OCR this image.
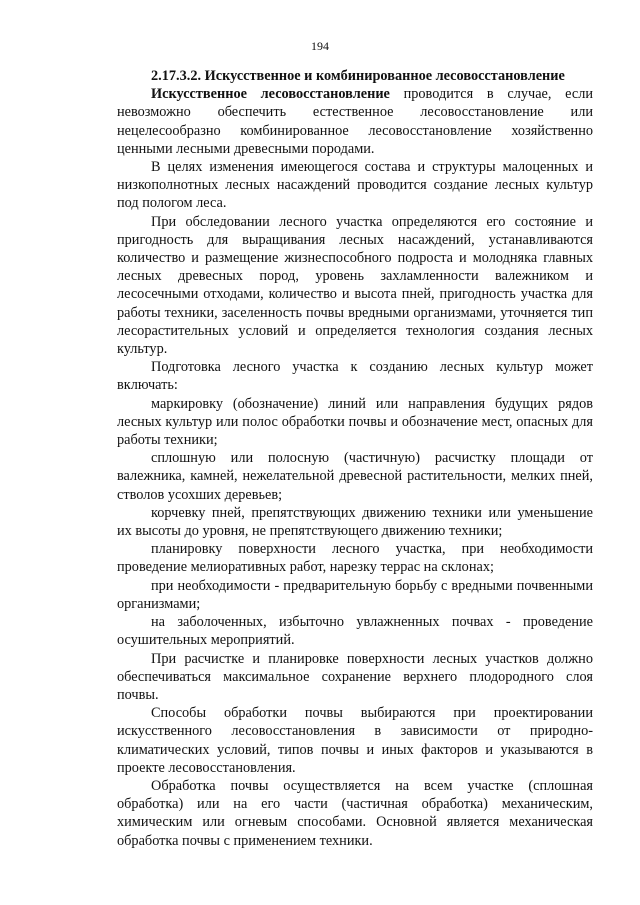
194

2.17.3.2. Искусственное и комбинированное лесовосстановление

Искусственное лесовосстановление проводится в случае, если невозможно обеспечить естественное лесовосстановление или нецелесообразно комбинированное лесовосстановление хозяйственно ценными лесными древесными породами.

В целях изменения имеющегося состава и структуры малоценных и низкополнотных лесных насаждений проводится создание лесных культур под пологом леса.

При обследовании лесного участка определяются его состояние и пригодность для выращивания лесных насаждений, устанавливаются количество и размещение жизнеспособного подроста и молодняка главных лесных древесных пород, уровень захламленности валежником и лесосечными отходами, количество и высота пней, пригодность участка для работы техники, заселенность почвы вредными организмами, уточняется тип лесорастительных условий и определяется технология создания лесных культур.

Подготовка лесного участка к созданию лесных культур может включать:

маркировку (обозначение) линий или направления будущих рядов лесных культур или полос обработки почвы и обозначение мест, опасных для работы техники;

сплошную или полосную (частичную) расчистку площади от валежника, камней, нежелательной древесной растительности, мелких пней, стволов усохших деревьев;

корчевку пней, препятствующих движению техники или уменьшение их высоты до уровня, не препятствующего движению техники;

планировку поверхности лесного участка, при необходимости проведение мелиоративных работ, нарезку террас на склонах;

при необходимости - предварительную борьбу с вредными почвенными организмами;

на заболоченных, избыточно увлажненных почвах - проведение осушительных мероприятий.

При расчистке и планировке поверхности лесных участков должно обеспечиваться максимальное сохранение верхнего плодородного слоя почвы.

Способы обработки почвы выбираются при проектировании искусственного лесовосстановления в зависимости от природно-климатических условий, типов почвы и иных факторов и указываются в проекте лесовосстановления.

Обработка почвы осуществляется на всем участке (сплошная обработка) или на его части (частичная обработка) механическим, химическим или огневым способами. Основной является механическая обработка почвы с применением техники.
